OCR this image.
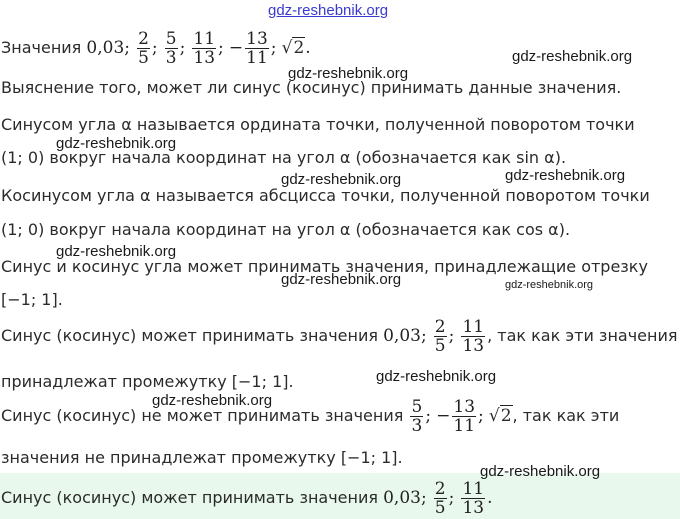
Значения 0,03; $\frac{2}{5}$ ; $\frac{5}{3}$ ; $\frac{11}{13}$ ; − $\frac{13}{11}$ ; √2.
Выяснение того, может ли синус (косинус) принимать данные значения.
Синусом угла α называется ордината точки, полученной поворотом точки
(1; 0) вокруг начала координат на угол α (обозначается как sin α).
Косинусом угла α называется абсцисса точки, полученной поворотом точки
(1; 0) вокруг начала координат на угол α (обозначается как cos α).
Синус и косинус угла может принимать значения, принадлежащие отрезку
[−1; 1].
Синус (косинус) может принимать значения 0,03; $\frac{2}{5}$ ; $\frac{11}{13}$ , так как эти значения
принадлежат промежутку [−1; 1].
Синус (косинус) не может принимать значения $\frac{5}{3}$ ; − $\frac{13}{11}$ ; √2, так как эти
значения не принадлежат промежутку [−1; 1].
Синус (косинус) может принимать значения 0,03; $\frac{2}{5}$ ; $\frac{11}{13}$ .
gdz-reshebnik.org
gdz-reshebnik.org
gdz-reshebnik.org
gdz-reshebnik.org
gdz-reshebnik.org
gdz-reshebnik.org
gdz-reshebnik.org
gdz-reshebnik.org	gdz-reshebnik.org
gdz-reshebnik.org
gdz-reshebnik.org
gdz-reshebnik.org
